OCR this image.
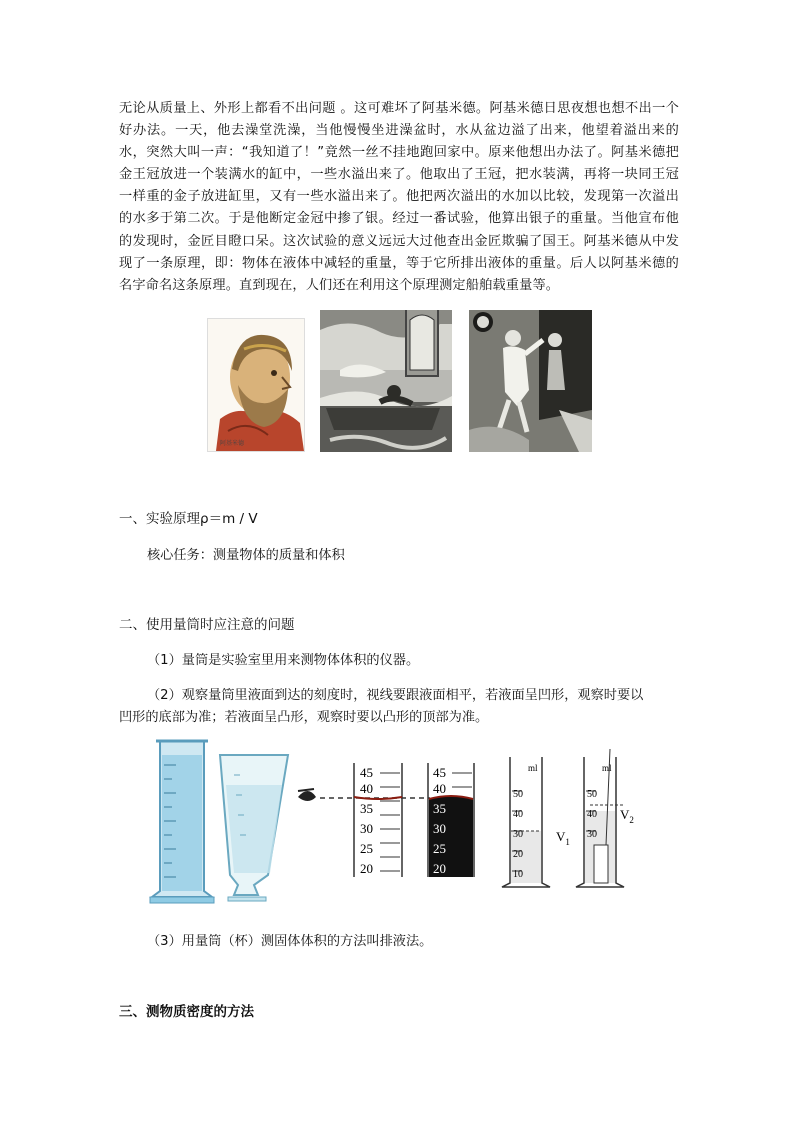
无论从质量上、外形上都看不出问题 。这可难坏了阿基米德。阿基米德日思夜想也想不出一个好办法。一天，他去澡堂洗澡，当他慢慢坐进澡盆时，水从盆边溢了出来，他望着溢出来的水，突然大叫一声：“我知道了！”竟然一丝不挂地跑回家中。原来他想出办法了。阿基米德把金王冠放进一个装满水的缸中，一些水溢出来了。他取出了王冠，把水装满，再将一块同王冠一样重的金子放进缸里，又有一些水溢出来了。他把两次溢出的水加以比较，发现第一次溢出的水多于第二次。于是他断定金冠中掺了银。经过一番试验，他算出银子的重量。当他宣布他的发现时，金匠目瞪口呆。这次试验的意义远远大过他查出金匠欺骗了国王。阿基米德从中发现了一条原理，即：物体在液体中减轻的重量，等于它所排出液体的重量。后人以阿基米德的名字命名这条原理。直到现在，人们还在利用这个原理测定船舶载重量等。

阿基米德
一、实验原理ρ＝m / V
核心任务：测量物体的质量和体积
二、使用量筒时应注意的问题
（1）量筒是实验室里用来测物体体积的仪器。
（2）观察量筒里液面到达的刻度时，视线要跟液面相平，若液面呈凹形，观察时要以
凹形的底部为准；若液面呈凸形，观察时要以凸形的顶部为准。
45
40
35
30
25
20
45
40
35
30
25
20
ml
50
40
30
20
10
$V_1$
ml
50
40
30
$V_2$
（3）用量筒（杯）测固体体积的方法叫排液法。
三、测物质密度的方法
